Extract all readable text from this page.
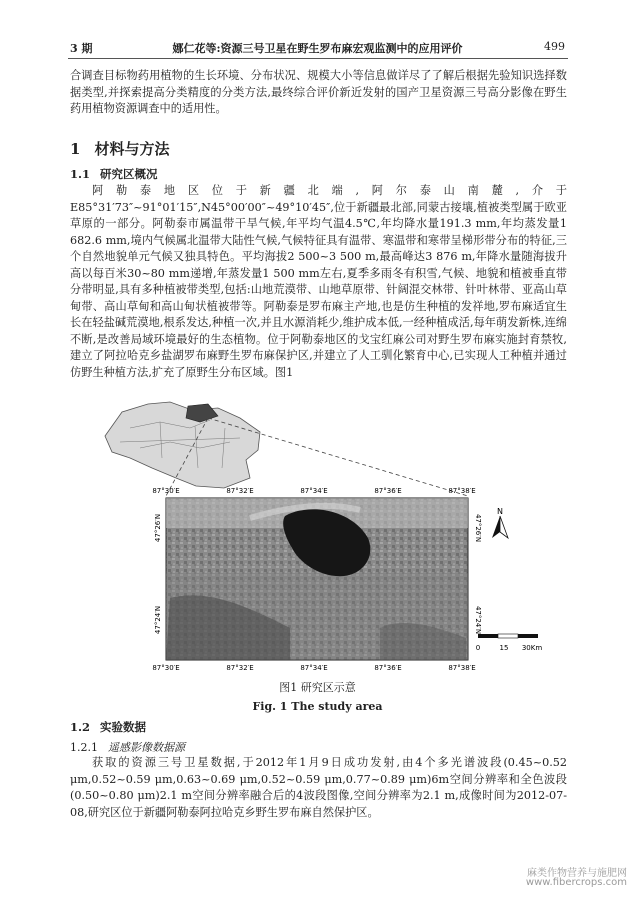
3 期	娜仁花等:资源三号卫星在野生罗布麻宏观监测中的应用评价	499
合调查目标物药用植物的生长环境、分布状况、规模大小等信息做详尽了了解后根据先验知识选择数据类型,并探索提高分类精度的分类方法,最终综合评价新近发射的国产卫星资源三号高分影像在野生药用植物资源调查中的适用性。
1 材料与方法
1.1 研究区概况
阿勒泰地区位于新疆北端,阿尔泰山南麓,介于E85°31′73″~91°01′15″,N45°00′00″~49°10′45″,位于新疆最北部,同蒙古接壤,植被类型属于欧亚草原的一部分。阿勒泰市属温带干旱气候,年平均气温4.5℃,年均降水量191.3 mm,年均蒸发量1 682.6 mm,境内气候属北温带大陆性气候,气候特征具有温带、寒温带和寒带呈梯形带分布的特征,三个自然地貌单元气候又独具特色。平均海拔2 500~3 500 m,最高峰达3 876 m,年降水量随海拔升高以每百米30~80 mm递增,年蒸发量1 500 mm左右,夏季多雨冬有积雪,气候、地貌和植被垂直带分带明显,具有多种植被带类型,包括:山地荒漠带、山地草原带、针阔混交林带、针叶林带、亚高山草甸带、高山草甸和高山甸状植被带等。阿勒泰是罗布麻主产地,也是仿生种植的发祥地,罗布麻适宜生长在轻盐碱荒漠地,根系发达,种植一次,并且水源消耗少,维护成本低,一经种植成活,每年萌发新株,连绵不断,是改善局域环境最好的生态植物。位于阿勒泰地区的戈宝红麻公司对野生罗布麻实施封育禁牧,建立了阿拉哈克乡盐湖罗布麻野生罗布麻保护区,并建立了人工驯化繁育中心,已实现人工种植并通过仿野生种植方法,扩充了原野生分布区域。图1
87°30′E	87°32′E	87°34′E	87°36′E	87°38′E
87°30′E	87°32′E	87°34′E	87°36′E	87°38′E
47°26′N
47°24′N
47°26′N
47°24′N
N
0	15 30Km
图1 研究区示意
Fig. 1 The study area
1.2 实验数据
1.2.1 遥感影像数据源
获取的资源三号卫星数据,于2012年1月9日成功发射,由4个多光谱波段(0.45~0.52 μm,0.52~0.59 μm,0.63~0.69 μm,0.52~0.59 μm,0.77~0.89 μm)6m空间分辨率和全色波段(0.50~0.80 μm)2.1 m空间分辨率融合后的4波段图像,空间分辨率为2.1 m,成像时间为2012-07-08,研究区位于新疆阿勒泰阿拉哈克乡野生罗布麻自然保护区。
麻类作物营养与施肥网
www.fibercrops.com
